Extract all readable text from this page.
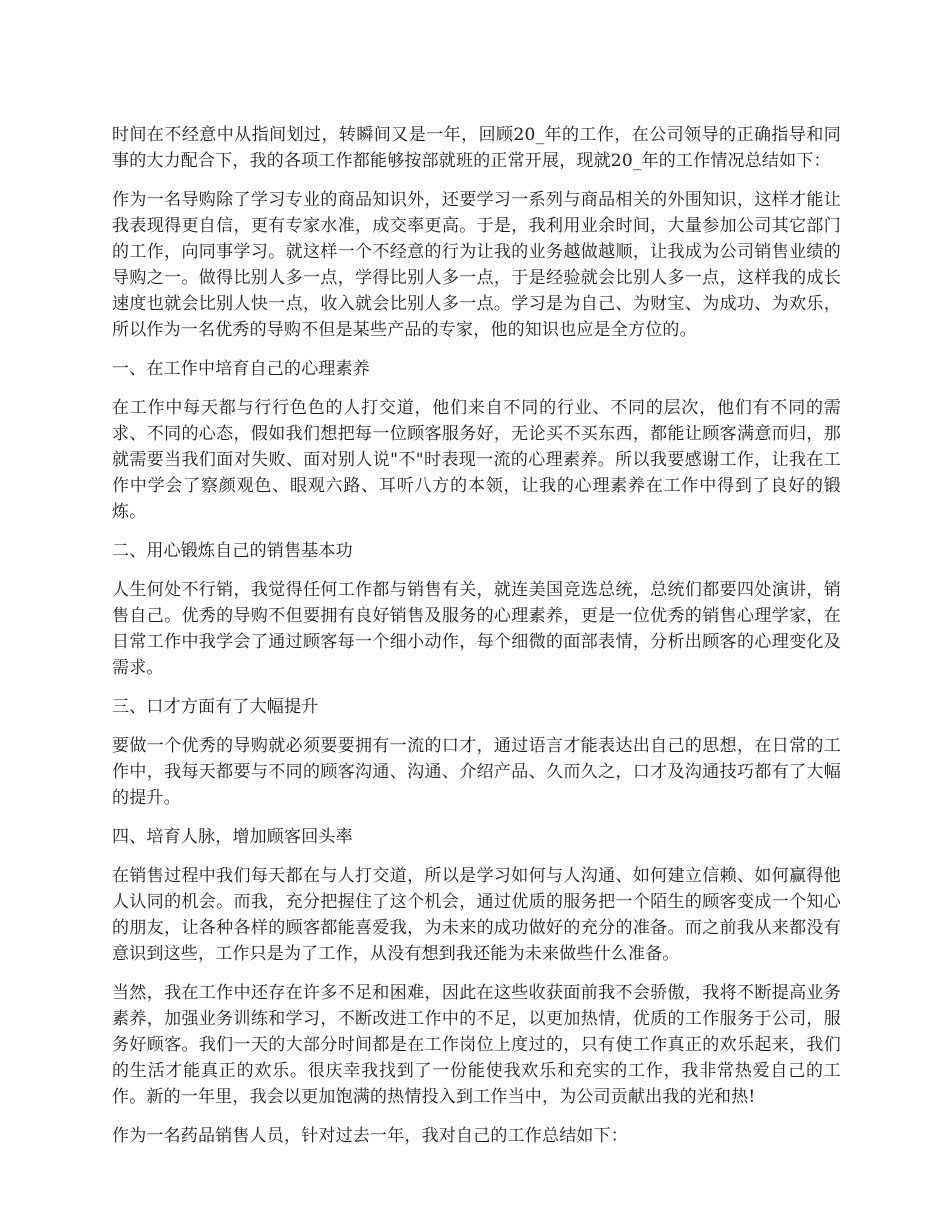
时间在不经意中从指间划过，转瞬间又是一年，回顾20_年的工作，在公司领导的正确指导和同事的大力配合下，我的各项工作都能够按部就班的正常开展，现就20_年的工作情况总结如下：

作为一名导购除了学习专业的商品知识外，还要学习一系列与商品相关的外围知识，这样才能让我表现得更自信，更有专家水准，成交率更高。于是，我利用业余时间，大量参加公司其它部门的工作，向同事学习。就这样一个不经意的行为让我的业务越做越顺，让我成为公司销售业绩的导购之一。做得比别人多一点，学得比别人多一点，于是经验就会比别人多一点，这样我的成长速度也就会比别人快一点，收入就会比别人多一点。学习是为自己、为财宝、为成功、为欢乐，所以作为一名优秀的导购不但是某些产品的专家，他的知识也应是全方位的。

一、在工作中培育自己的心理素养

在工作中每天都与行行色色的人打交道，他们来自不同的行业、不同的层次，他们有不同的需求、不同的心态，假如我们想把每一位顾客服务好，无论买不买东西，都能让顾客满意而归，那就需要当我们面对失败、面对别人说"不"时表现一流的心理素养。所以我要感谢工作，让我在工作中学会了察颜观色、眼观六路、耳听八方的本领，让我的心理素养在工作中得到了良好的锻炼。

二、用心锻炼自己的销售基本功

人生何处不行销，我觉得任何工作都与销售有关，就连美国竞选总统，总统们都要四处演讲，销售自己。优秀的导购不但要拥有良好销售及服务的心理素养，更是一位优秀的销售心理学家，在日常工作中我学会了通过顾客每一个细小动作，每个细微的面部表情，分析出顾客的心理变化及需求。

三、口才方面有了大幅提升

要做一个优秀的导购就必须要要拥有一流的口才，通过语言才能表达出自己的思想，在日常的工作中，我每天都要与不同的顾客沟通、沟通、介绍产品、久而久之，口才及沟通技巧都有了大幅的提升。

四、培育人脉，增加顾客回头率

在销售过程中我们每天都在与人打交道，所以是学习如何与人沟通、如何建立信赖、如何赢得他人认同的机会。而我，充分把握住了这个机会，通过优质的服务把一个陌生的顾客变成一个知心的朋友，让各种各样的顾客都能喜爱我，为未来的成功做好的充分的准备。而之前我从来都没有意识到这些，工作只是为了工作，从没有想到我还能为未来做些什么准备。

当然，我在工作中还存在许多不足和困难，因此在这些收获面前我不会骄傲，我将不断提高业务素养，加强业务训练和学习，不断改进工作中的不足，以更加热情，优质的工作服务于公司，服务好顾客。我们一天的大部分时间都是在工作岗位上度过的，只有使工作真正的欢乐起来，我们的生活才能真正的欢乐。很庆幸我找到了一份能使我欢乐和充实的工作，我非常热爱自己的工作。新的一年里，我会以更加饱满的热情投入到工作当中，为公司贡献出我的光和热!

作为一名药品销售人员，针对过去一年，我对自己的工作总结如下：
